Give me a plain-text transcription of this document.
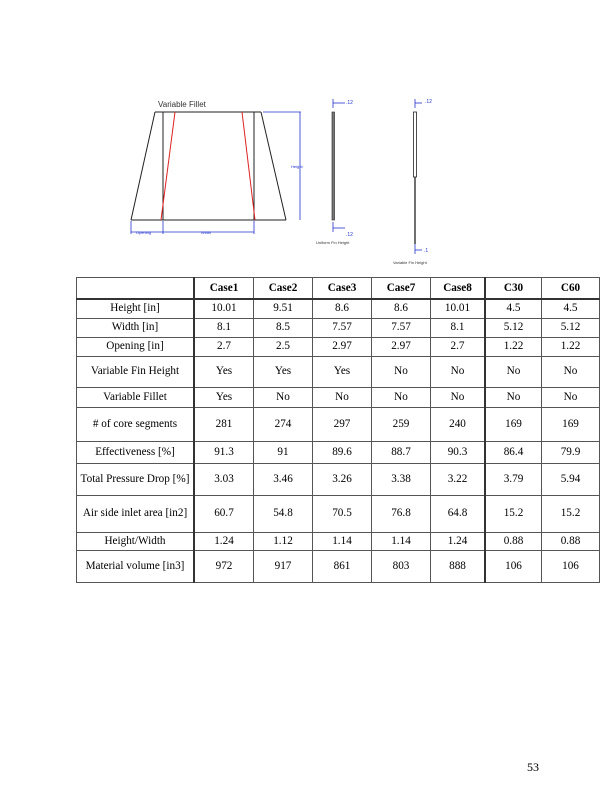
Variable Fillet
Height
Opening	Width
.12
.12
Uniform Fin Height
.12
.1
Variable Fin Height
	Case1	Case2	Case3	Case7	Case8	C30	C60
Height [in]	10.01	9.51	8.6	8.6	10.01	4.5	4.5
Width [in]	8.1	8.5	7.57	7.57	8.1	5.12	5.12
Opening [in]	2.7	2.5	2.97	2.97	2.7	1.22	1.22
Variable Fin Height	Yes	Yes	Yes	No	No	No	No
Variable Fillet	Yes	No	No	No	No	No	No
# of core segments	281	274	297	259	240	169	169
Effectiveness [%]	91.3	91	89.6	88.7	90.3	86.4	79.9
Total Pressure Drop [%]	3.03	3.46	3.26	3.38	3.22	3.79	5.94
Air side inlet area [in2]	60.7	54.8	70.5	76.8	64.8	15.2	15.2
Height/Width	1.24	1.12	1.14	1.14	1.24	0.88	0.88
Material volume [in3]	972	917	861	803	888	106	106
53
